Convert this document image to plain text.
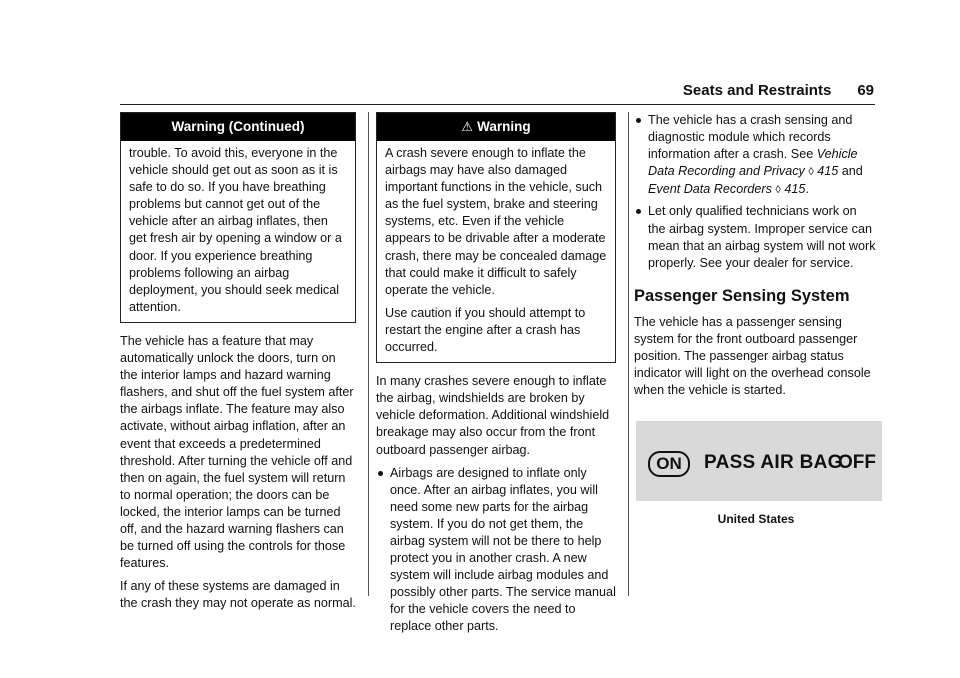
Seats and Restraints 69
Warning (Continued)

trouble. To avoid this, everyone in the vehicle should get out as soon as it is safe to do so. If you have breathing problems but cannot get out of the vehicle after an airbag inflates, then get fresh air by opening a window or a door. If you experience breathing problems following an airbag deployment, you should seek medical attention.

The vehicle has a feature that may automatically unlock the doors, turn on the interior lamps and hazard warning flashers, and shut off the fuel system after the airbags inflate. The feature may also activate, without airbag inflation, after an event that exceeds a predetermined threshold. After turning the vehicle off and then on again, the fuel system will return to normal operation; the doors can be locked, the interior lamps can be turned off, and the hazard warning flashers can be turned off using the controls for those features.

If any of these systems are damaged in the crash they may not operate as normal.

⚠ Warning

A crash severe enough to inflate the airbags may have also damaged important functions in the vehicle, such as the fuel system, brake and steering systems, etc. Even if the vehicle appears to be drivable after a moderate crash, there may be concealed damage that could make it difficult to safely operate the vehicle.

Use caution if you should attempt to restart the engine after a crash has occurred.

In many crashes severe enough to inflate the airbag, windshields are broken by vehicle deformation. Additional windshield breakage may also occur from the front outboard passenger airbag.

Airbags are designed to inflate only once. After an airbag inflates, you will need some new parts for the airbag system. If you do not get them, the airbag system will not be there to help protect you in another crash. A new system will include airbag modules and possibly other parts. The service manual for the vehicle covers the need to replace other parts.
The vehicle has a crash sensing and diagnostic module which records information after a crash. See Vehicle Data Recording and Privacy ◊ 415 and Event Data Recorders ◊ 415.
Let only qualified technicians work on the airbag system. Improper service can mean that an airbag system will not work properly. See your dealer for service.
Passenger Sensing System

The vehicle has a passenger sensing system for the front outboard passenger position. The passenger airbag status indicator will light on the overhead console when the vehicle is started.

ON	PASS AIR BAG
OFF
United States
